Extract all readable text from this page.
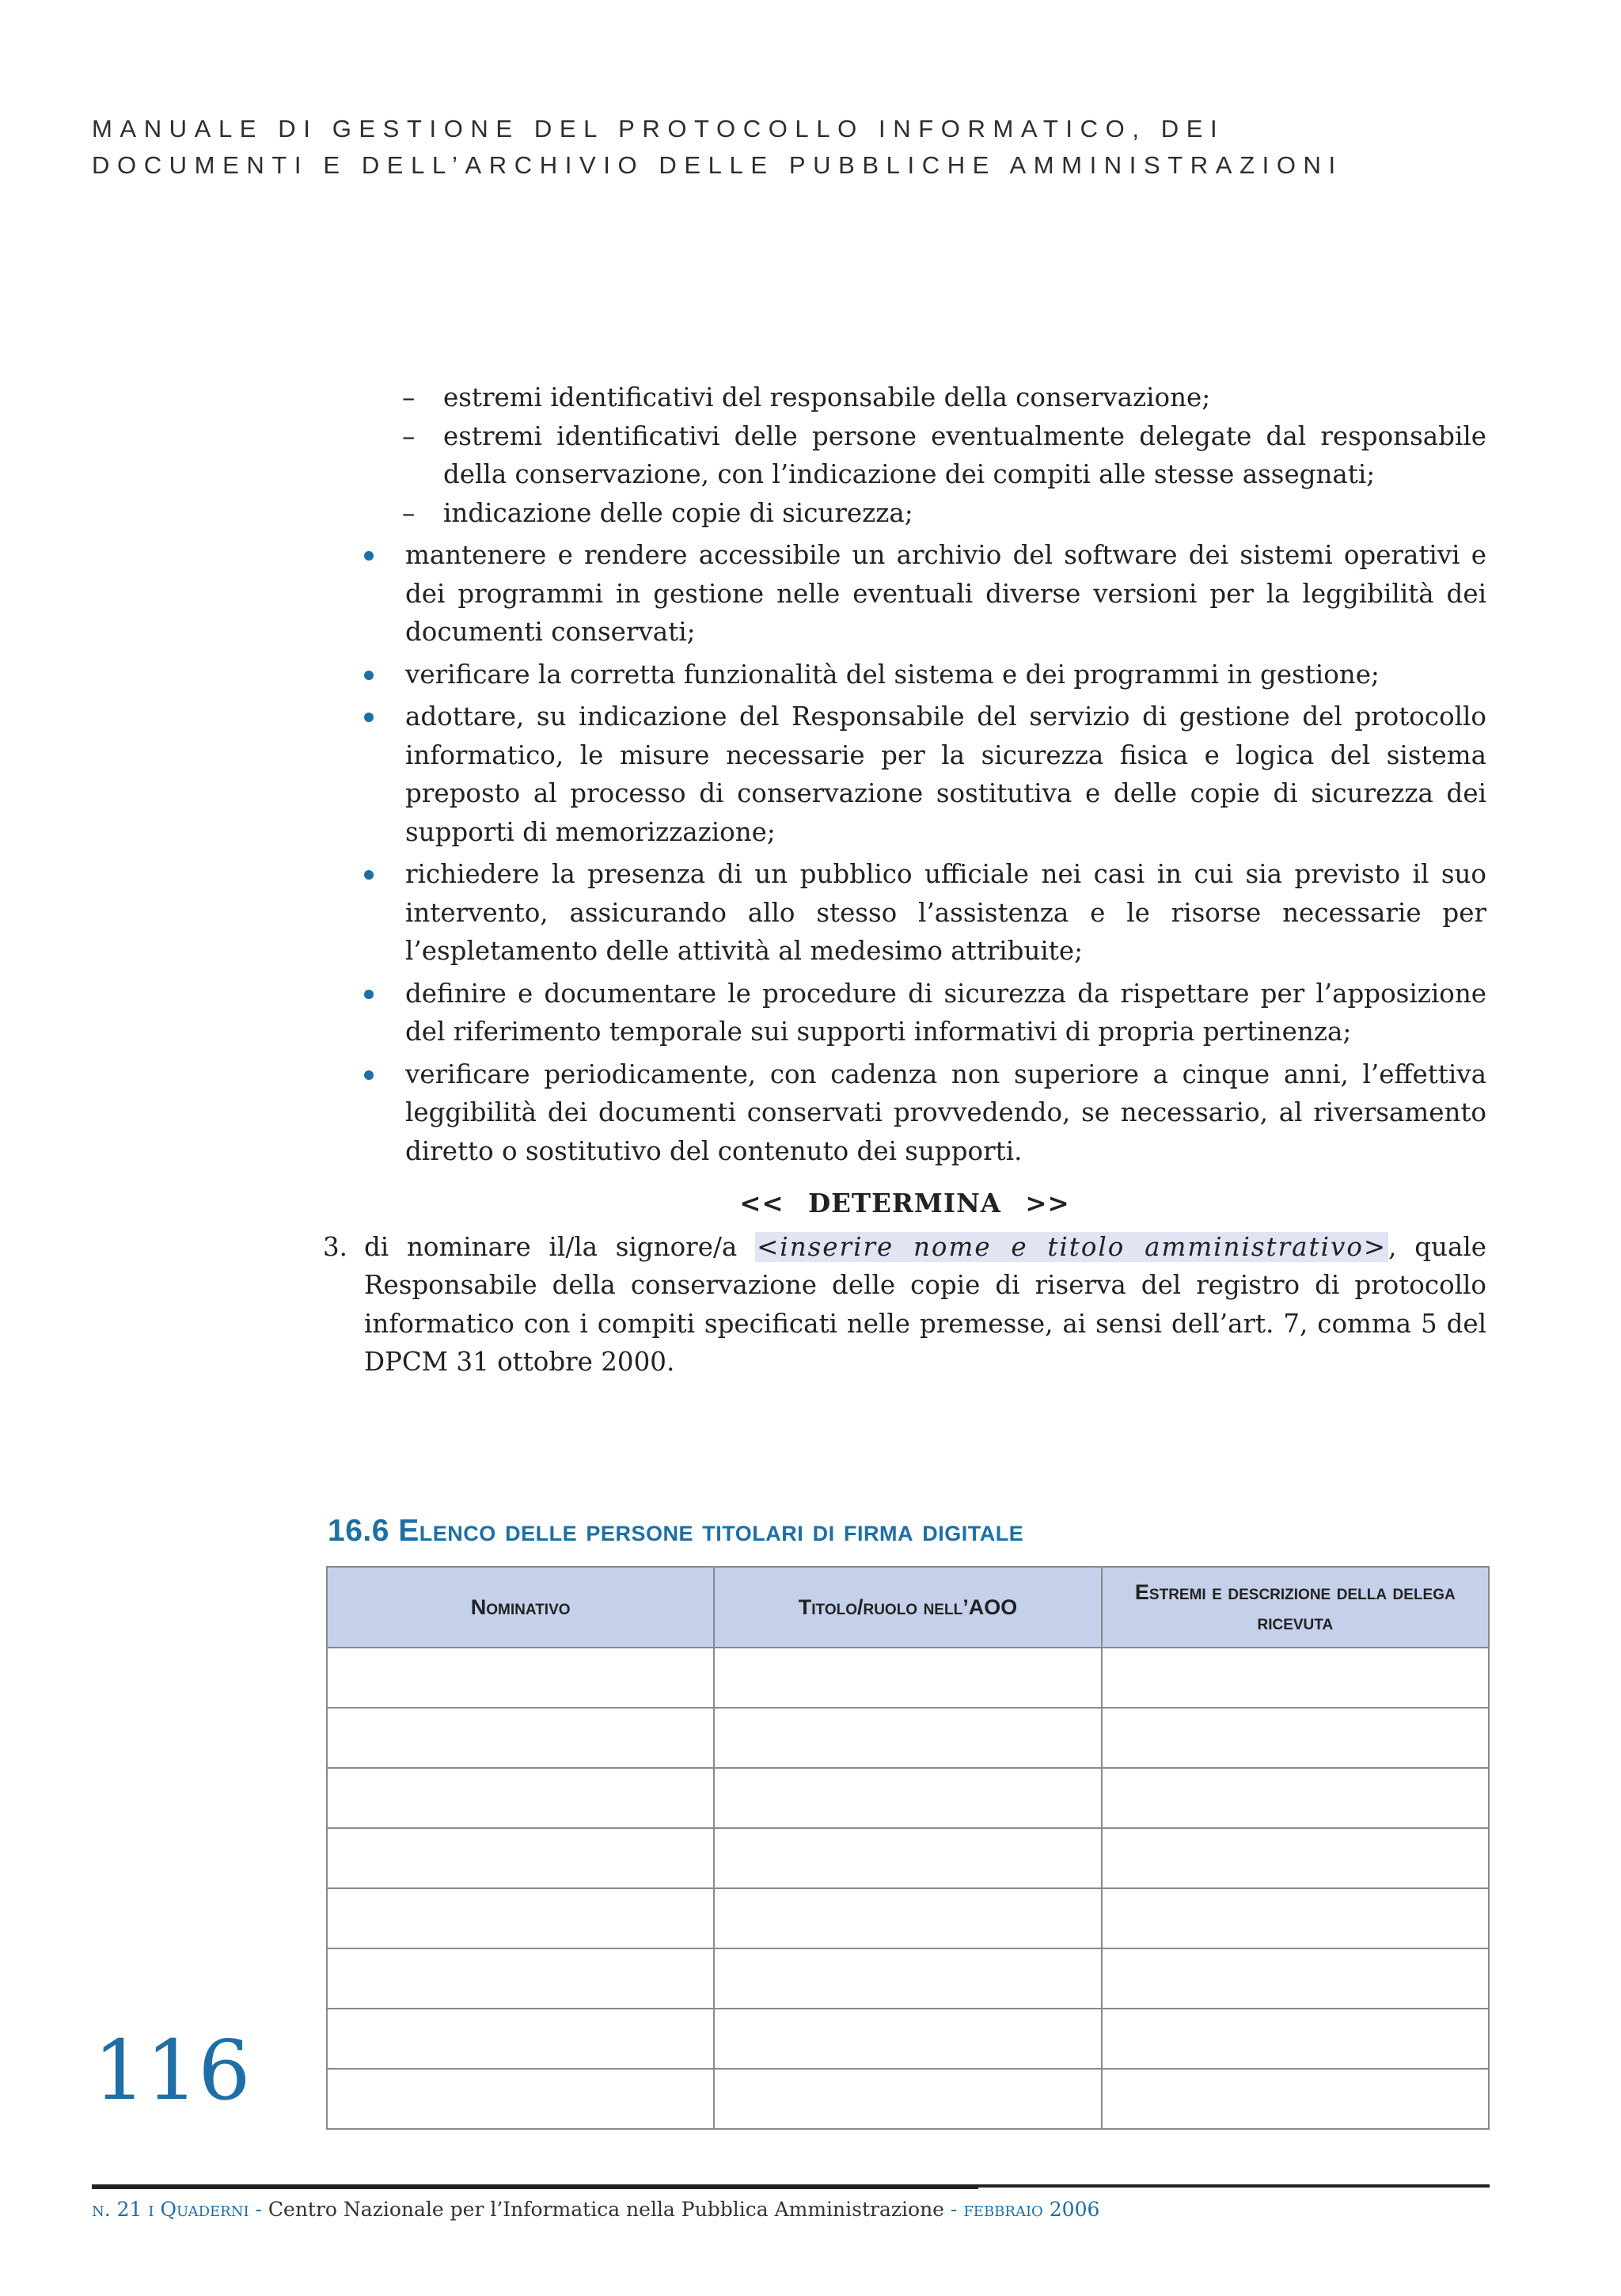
MANUALE DI GESTIONE DEL PROTOCOLLO INFORMATICO, DEI
DOCUMENTI E DELL’ARCHIVIO DELLE PUBBLICHE AMMINISTRAZIONI
–	estremi identificativi del responsabile della conservazione;
–	estremi identificativi delle persone eventualmente delegate dal responsabile della conservazione, con l’indicazione dei compiti alle stesse assegnati;
–	indicazione delle copie di sicurezza;
mantenere e rendere accessibile un archivio del software dei sistemi operativi e dei programmi in gestione nelle eventuali diverse versioni per la leggibilità dei documenti conservati;
verificare la corretta funzionalità del sistema e dei programmi in gestione;
adottare, su indicazione del Responsabile del servizio di gestione del protocollo informatico, le misure necessarie per la sicurezza fisica e logica del sistema preposto al processo di conservazione sostitutiva e delle copie di sicurezza dei supporti di memorizzazione;
richiedere la presenza di un pubblico ufficiale nei casi in cui sia previsto il suo intervento, assicurando allo stesso l’assistenza e le risorse necessarie per l’espletamento delle attività al medesimo attribuite;
definire e documentare le procedure di sicurezza da rispettare per l’apposizione del riferimento temporale sui supporti informativi di propria pertinenza;
verificare periodicamente, con cadenza non superiore a cinque anni, l’effettiva leggibilità dei documenti conservati provvedendo, se necessario, al riversamento diretto o sostitutivo del contenuto dei supporti.
<< DETERMINA >>
3. di nominare il/la signore/a <inserire nome e titolo amministrativo>, quale Responsabile della conservazione delle copie di riserva del registro di protocollo informatico con i compiti specificati nelle premesse, ai sensi dell’art. 7, comma 5 del DPCM 31 ottobre 2000.
16.6 Elenco delle persone titolari di firma digitale
Nominativo	Titolo/ruolo nell’AOO	Estremi e descrizione della delega ricevuta

116
n. 21 i Quaderni - Centro Nazionale per l’Informatica nella Pubblica Amministrazione - febbraio 2006
